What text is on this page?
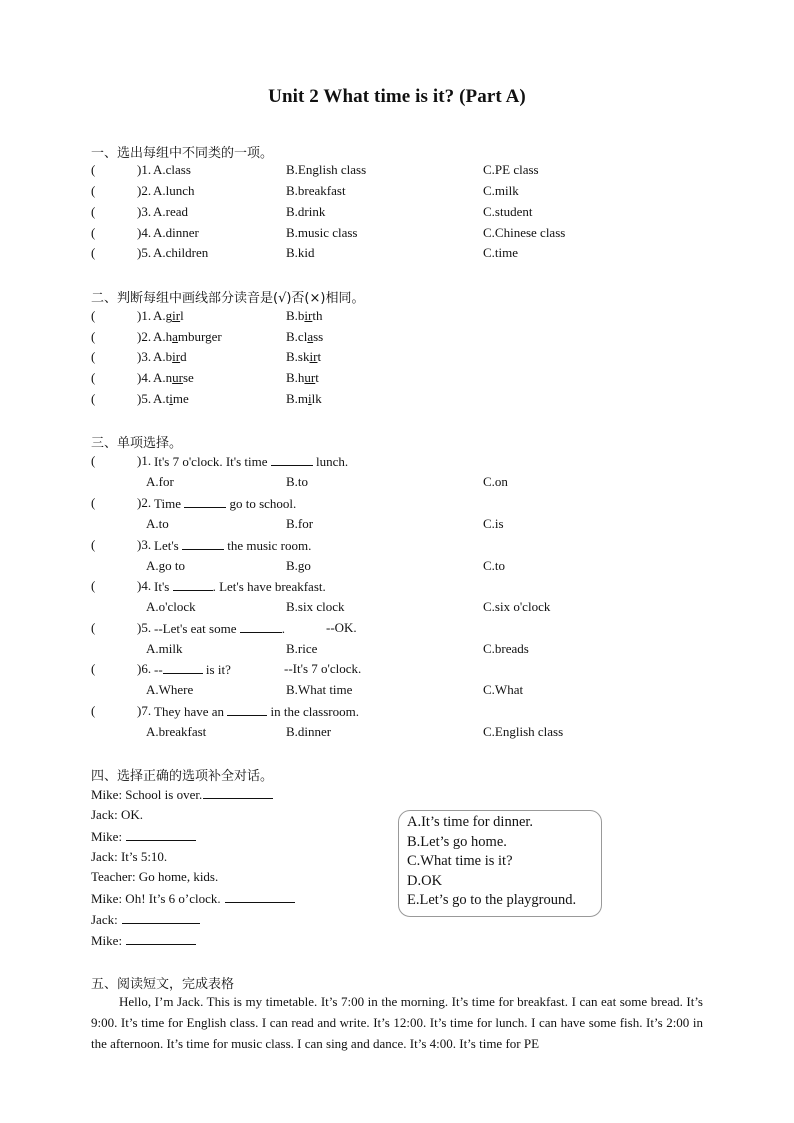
Unit 2 What time is it? (Part A)
一、选出每组中不同类的一项。
(	)1. A.class	B.English class	C.PE class
(	)2. A.lunch	B.breakfast	C.milk
(	)3. A.read	B.drink	C.student
(	)4. A.dinner	B.music class	C.Chinese class
(	)5. A.children	B.kid	C.time
二、判断每组中画线部分读音是(√)否(×)相同。
(	)1. A.girl	B.birth
(	)2. A.hamburger	B.class
(	)3. A.bird	B.skirt
(	)4. A.nurse	B.hurt
(	)5. A.time	B.milk
三、单项选择。
(	)1. It's 7 o'clock. It's time	lunch.
A.for	B.to	C.on
(	)2. Time	go to school.
A.to	B.for	C.is
(	)3. Let's	the music room.
A.go to	B.go	C.to
(	)4. It's	. Let's have breakfast.
A.o'clock	B.six clock	C.six o'clock
(	)5. --Let's eat some	.	--OK.
A.milk	B.rice	C.breads
(	)6. --	is it?	--It's 7 o'clock.
A.Where	B.What time	C.What
(	)7. They have an	in the classroom.
A.breakfast	B.dinner	C.English class
四、选择正确的选项补全对话。
Mike: School is over.
Jack: OK.
Mike:
Jack: It’s 5:10.
Teacher: Go home, kids.
Mike: Oh! It’s 6 o’clock.
Jack:
Mike:
A.It’s time for dinner.
B.Let’s go home.
C.What time is it?
D.OK
E.Let’s go to the playground.
五、阅读短文，完成表格

Hello, I’m Jack. This is my timetable. It’s 7:00 in the morning. It’s time for breakfast. I can eat some bread. It’s 9:00. It’s time for English class. I can read and write. It’s 12:00. It’s time for lunch. I can have some fish. It’s 2:00 in the afternoon. It’s time for music class. I can sing and dance. It’s 4:00. It’s time for PE
